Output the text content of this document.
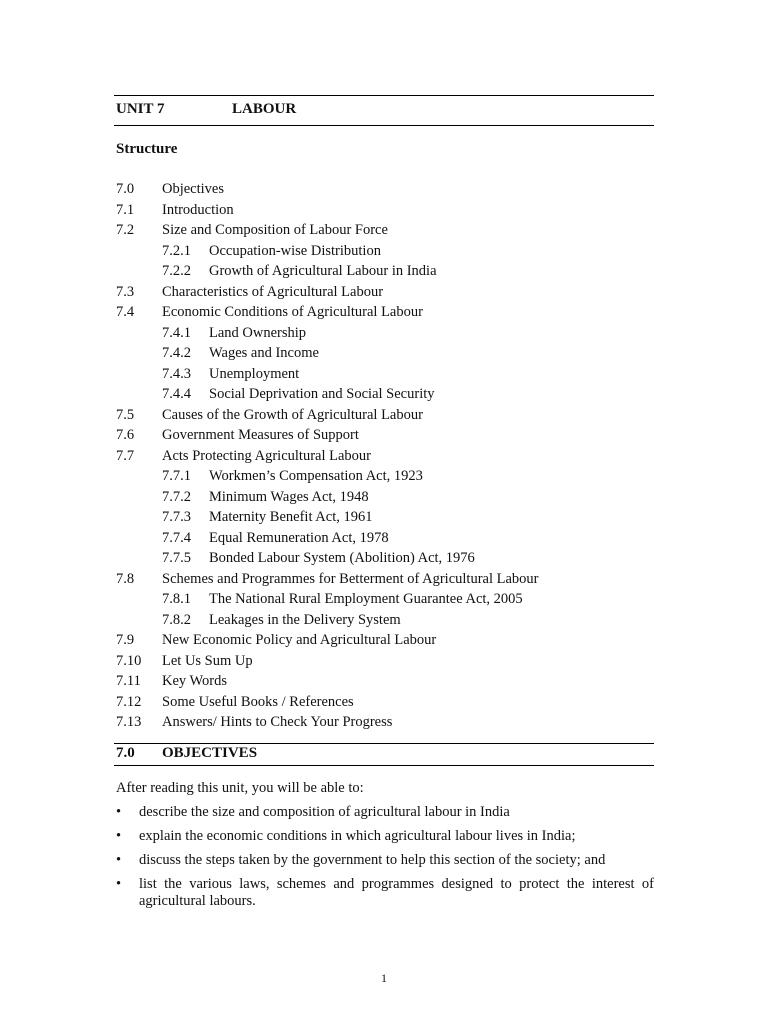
UNIT 7	LABOUR
Structure
7.0 Objectives
7.1 Introduction
7.2 Size and Composition of Labour Force
7.2.1 Occupation-wise Distribution
7.2.2 Growth of Agricultural Labour in India
7.3 Characteristics of Agricultural Labour
7.4 Economic Conditions of Agricultural Labour
7.4.1 Land Ownership
7.4.2 Wages and Income
7.4.3 Unemployment
7.4.4 Social Deprivation and Social Security
7.5 Causes of the Growth of Agricultural Labour
7.6 Government Measures of Support
7.7 Acts Protecting Agricultural Labour
7.7.1 Workmen’s Compensation Act, 1923
7.7.2 Minimum Wages Act, 1948
7.7.3 Maternity Benefit Act, 1961
7.7.4 Equal Remuneration Act, 1978
7.7.5 Bonded Labour System (Abolition) Act, 1976
7.8 Schemes and Programmes for Betterment of Agricultural Labour
7.8.1 The National Rural Employment Guarantee Act, 2005
7.8.2 Leakages in the Delivery System
7.9 New Economic Policy and Agricultural Labour
7.10 Let Us Sum Up
7.11 Key Words
7.12 Some Useful Books / References
7.13 Answers/ Hints to Check Your Progress
7.0 OBJECTIVES
After reading this unit, you will be able to:
• describe the size and composition of agricultural labour in India
• explain the economic conditions in which agricultural labour lives in India;
• discuss the steps taken by the government to help this section of the society; and
• list the various laws, schemes and programmes designed to protect the interest of agricultural labours.
1
